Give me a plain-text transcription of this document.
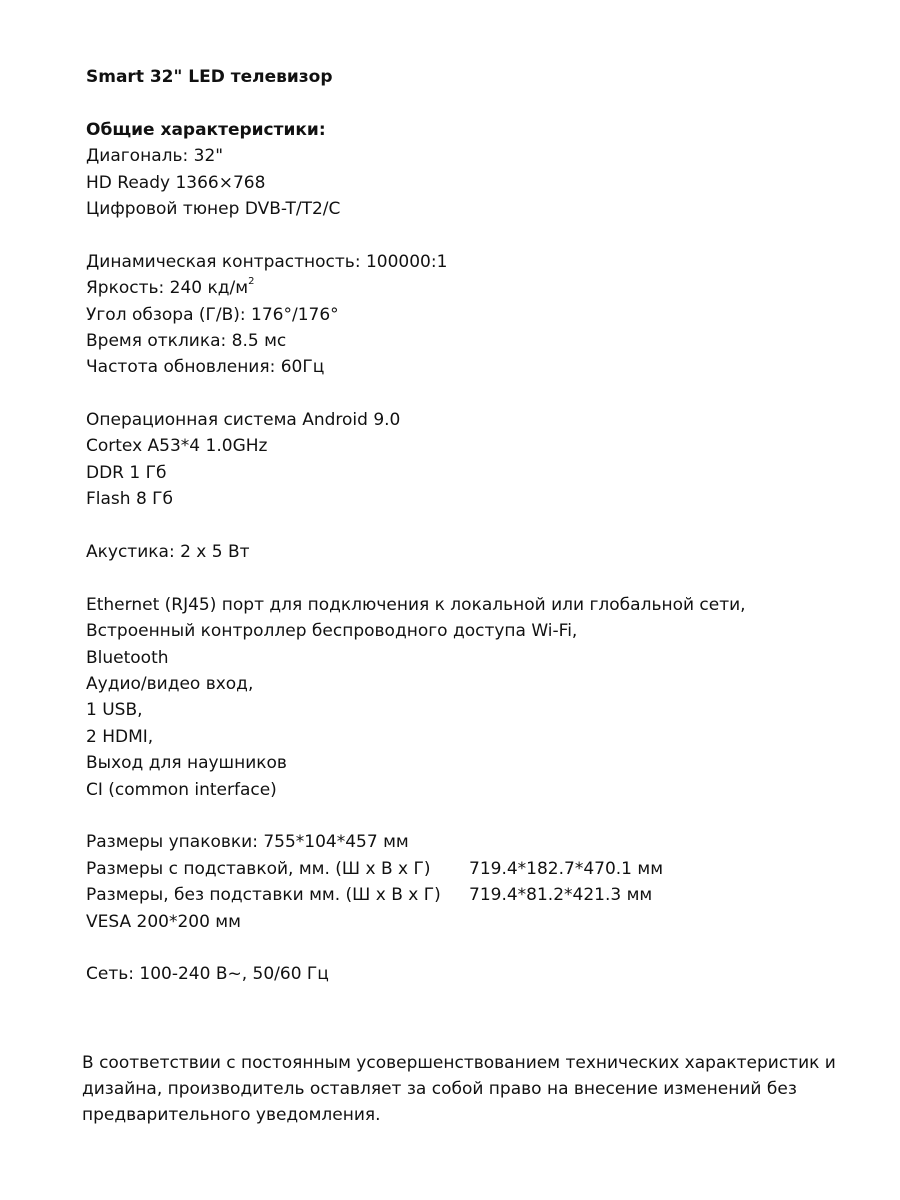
Smart 32" LED телевизор
Общие характеристики:
Диагональ: 32"
HD Ready 1366×768
Цифровой тюнер DVB-T/T2/C
Динамическая контрастность: 100000:1
Яркость: 240 $кд/м^2$
Угол обзора (Г/В): 176°/176°
Время отклика: 8.5 мс
Частота обновления: 60Гц
Операционная система Android 9.0
Cortex A53*4 1.0GHz
DDR 1 Гб
Flash 8 Гб
Акустика: 2 х 5 Вт
Ethernet (RJ45) порт для подключения к локальной или глобальной сети,
Встроенный контроллер беспроводного доступа Wi-Fi,
Bluetooth
Аудио/видео вход,
1 USB,
2 HDMI,
Выход для наушников
CI (common interface)
Размеры упаковки: 755*104*457 мм
Размеры с подставкой, мм. (Ш х В х Г)	719.4*182.7*470.1 мм
Размеры, без подставки мм. (Ш х В х Г)	719.4*81.2*421.3 мм
VESA 200*200 мм
Сеть: 100-240 В~, 50/60 Гц
В соответствии с постоянным усовершенствованием технических характеристик и
дизайна, производитель оставляет за собой право на внесение изменений без
предварительного уведомления.
